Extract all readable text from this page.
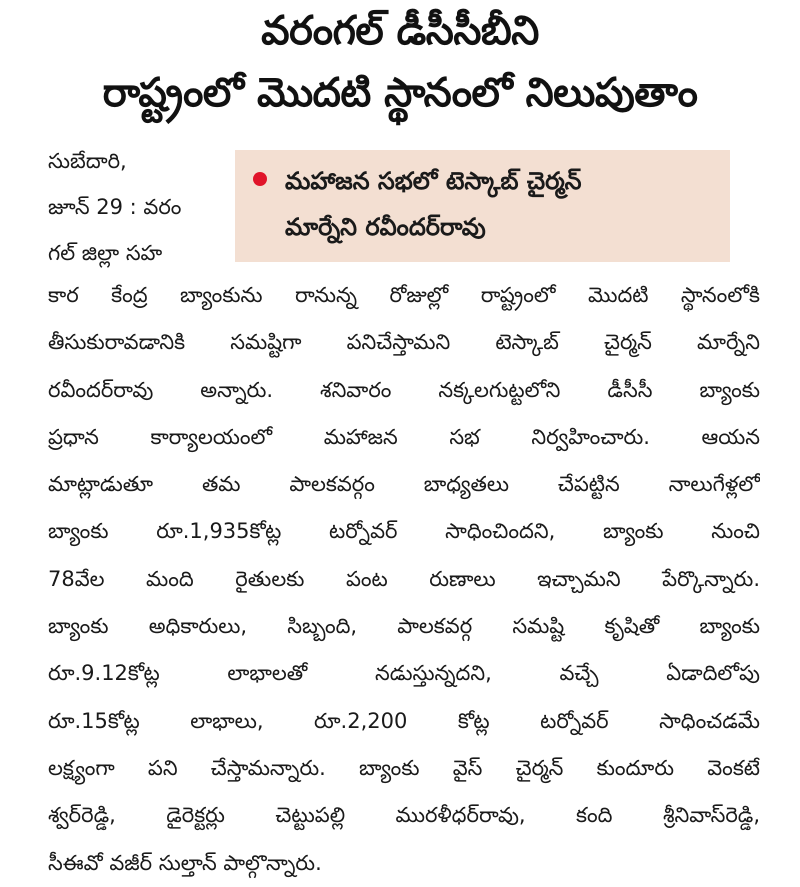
వరంగల్ డీసీసీబీని
రాష్ట్రంలో మొదటి స్థానంలో నిలుపుతాం
సుబేదారి,
జూన్ 29 : వరం
గల్ జిల్లా సహ
మహాజన సభలో టెస్కాబ్ చైర్మన్
మార్నేని రవీందర్‌రావు
కార కేంద్ర బ్యాంకును రానున్న రోజుల్లో రాష్ట్రంలో మొదటి స్థానంలోకి
తీసుకురావడానికి సమష్టిగా పనిచేస్తామని టెస్కాబ్ చైర్మన్ మార్నేని
రవీందర్‌రావు అన్నారు. శనివారం నక్కలగుట్టలోని డీసీసీ బ్యాంకు
ప్రధాన కార్యాలయంలో మహాజన సభ నిర్వహించారు. ఆయన
మాట్లాడుతూ తమ పాలకవర్గం బాధ్యతలు చేపట్టిన నాలుగేళ్లలో
బ్యాంకు రూ.1,935కోట్ల టర్నోవర్ సాధించిందని, బ్యాంకు నుంచి
78వేల మంది రైతులకు పంట రుణాలు ఇచ్చామని పేర్కొన్నారు.
బ్యాంకు అధికారులు, సిబ్బంది, పాలకవర్గ సమష్టి కృషితో బ్యాంకు
రూ.9.12కోట్ల లాభాలతో నడుస్తున్నదని, వచ్చే ఏడాదిలోపు
రూ.15కోట్ల లాభాలు, రూ.2,200 కోట్ల టర్నోవర్ సాధించడమే
లక్ష్యంగా పని చేస్తామన్నారు. బ్యాంకు వైస్ చైర్మన్ కుందూరు వెంకటే
శ్వర్‌రెడ్డి, డైరెక్టర్లు చెట్టుపల్లి మురళీధర్‌రావు, కంది శ్రీనివాస్‌రెడ్డి,
సీఈవో వజీర్ సుల్తాన్ పాల్గొన్నారు.
